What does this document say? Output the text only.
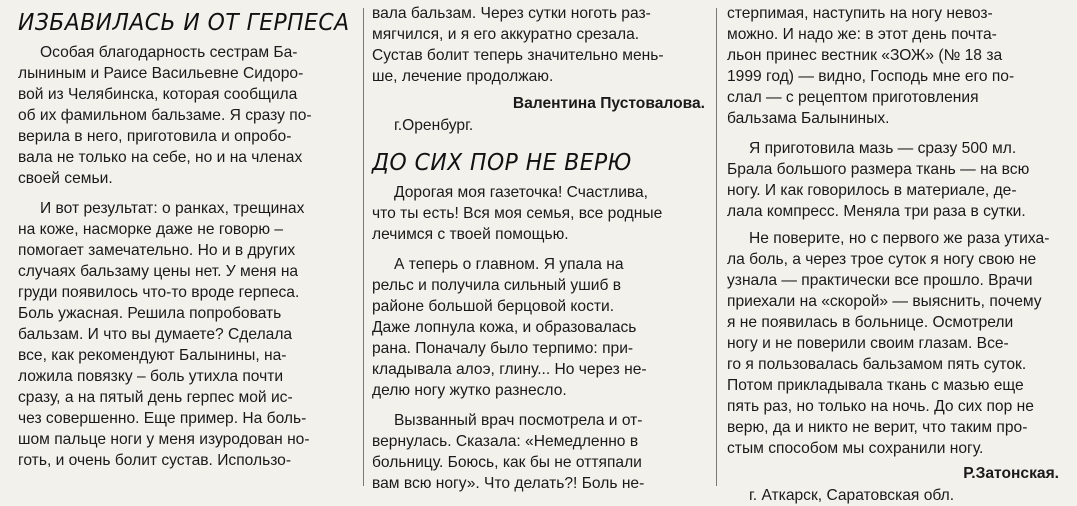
ИЗБАВИЛАСЬ И ОТ ГЕРПЕСА
Особая благодарность сестрам Ба-
лыниным и Раисе Васильевне Сидоро-
вой из Челябинска, которая сообщила
об их фамильном бальзаме. Я сразу по-
верила в него, приготовила и опробо-
вала не только на себе, но и на членах
своей семьи.
И вот результат: о ранках, трещинах
на коже, насморке даже не говорю –
помогает замечательно. Но и в других
случаях бальзаму цены нет. У меня на
груди появилось что-то вроде герпеса.
Боль ужасная. Решила попробовать
бальзам. И что вы думаете? Сделала
все, как рекомендуют Балынины, на-
ложила повязку – боль утихла почти
сразу, а на пятый день герпес мой ис-
чез совершенно. Еще пример. На боль-
шом пальце ноги у меня изуродован но-
готь, и очень болит сустав. Использо-
вала бальзам. Через сутки ноготь раз-
мягчился, и я его аккуратно срезала.
Сустав болит теперь значительно мень-
ше, лечение продолжаю.
Валентина Пустовалова.
г.Оренбург.
ДО СИХ ПОР НЕ ВЕРЮ
Дорогая моя газеточка! Счастлива,
что ты есть! Вся моя семья, все родные
лечимся с твоей помощью.
А теперь о главном. Я упала на
рельс и получила сильный ушиб в
районе большой берцовой кости.
Даже лопнула кожа, и образовалась
рана. Поначалу было терпимо: при-
кладывала алоэ, глину... Но через не-
делю ногу жутко разнесло.
Вызванный врач посмотрела и от-
вернулась. Сказала: «Немедленно в
больницу. Боюсь, как бы не оттяпали
вам всю ногу». Что делать?! Боль не-
стерпимая, наступить на ногу невоз-
можно. И надо же: в этот день почта-
льон принес вестник «ЗОЖ» (№ 18 за
1999 год) — видно, Господь мне его по-
слал — с рецептом приготовления
бальзама Балыниных.
Я приготовила мазь — сразу 500 мл.
Брала большого размера ткань — на всю
ногу. И как говорилось в материале, де-
лала компресс. Меняла три раза в сутки.
Не поверите, но с первого же раза утиха-
ла боль, а через трое суток я ногу свою не
узнала — практически все прошло. Врачи
приехали на «скорой» — выяснить, почему
я не появилась в больнице. Осмотрели
ногу и не поверили своим глазам. Все-
го я пользовалась бальзамом пять суток.
Потом прикладывала ткань с мазью еще
пять раз, но только на ночь. До сих пор не
верю, да и никто не верит, что таким про-
стым способом мы сохранили ногу.
Р.Затонская.
г. Аткарск, Саратовская обл.
